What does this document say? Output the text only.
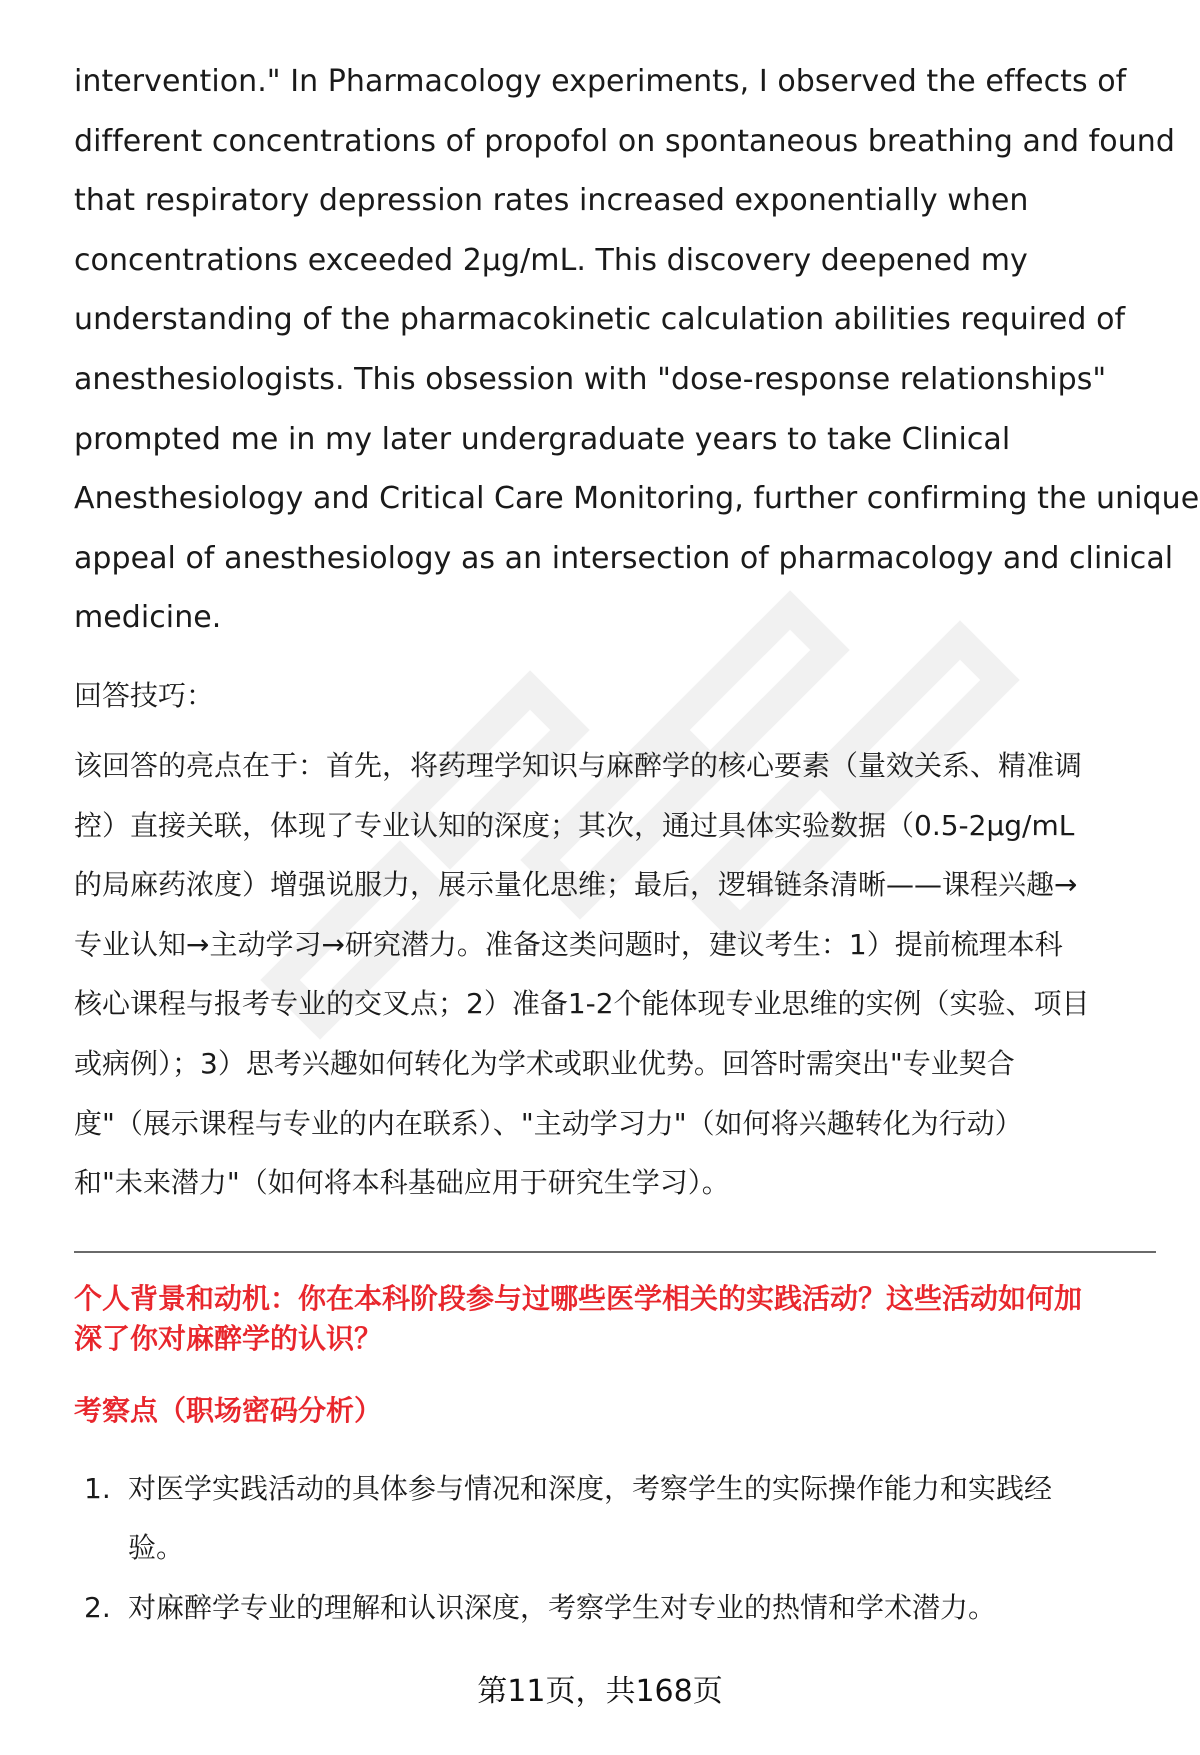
intervention." In Pharmacology experiments, I observed the effects of
different concentrations of propofol on spontaneous breathing and found
that respiratory depression rates increased exponentially when
concentrations exceeded 2μg/mL. This discovery deepened my
understanding of the pharmacokinetic calculation abilities required of
anesthesiologists. This obsession with "dose-response relationships"
prompted me in my later undergraduate years to take Clinical
Anesthesiology and Critical Care Monitoring, further confirming the unique
appeal of anesthesiology as an intersection of pharmacology and clinical
medicine.

回答技巧：

该回答的亮点在于：首先，将药理学知识与麻醉学的核心要素（量效关系、精准调
控）直接关联，体现了专业认知的深度；其次，通过具体实验数据（0.5-2μg/mL
的局麻药浓度）增强说服力，展示量化思维；最后，逻辑链条清晰——课程兴趣→
专业认知→主动学习→研究潜力。准备这类问题时，建议考生：1）提前梳理本科
核心课程与报考专业的交叉点；2）准备1-2个能体现专业思维的实例（实验、项目
或病例）；3）思考兴趣如何转化为学术或职业优势。回答时需突出"专业契合
度"（展示课程与专业的内在联系）、"主动学习力"（如何将兴趣转化为行动）
和"未来潜力"（如何将本科基础应用于研究生学习）。

个人背景和动机：你在本科阶段参与过哪些医学相关的实践活动？这些活动如何加
深了你对麻醉学的认识？

考察点（职场密码分析）
1. 对医学实践活动的具体参与情况和深度，考察学生的实际操作能力和实践经
验。
2. 对麻醉学专业的理解和认识深度，考察学生对专业的热情和学术潜力。
第11页，共168页
